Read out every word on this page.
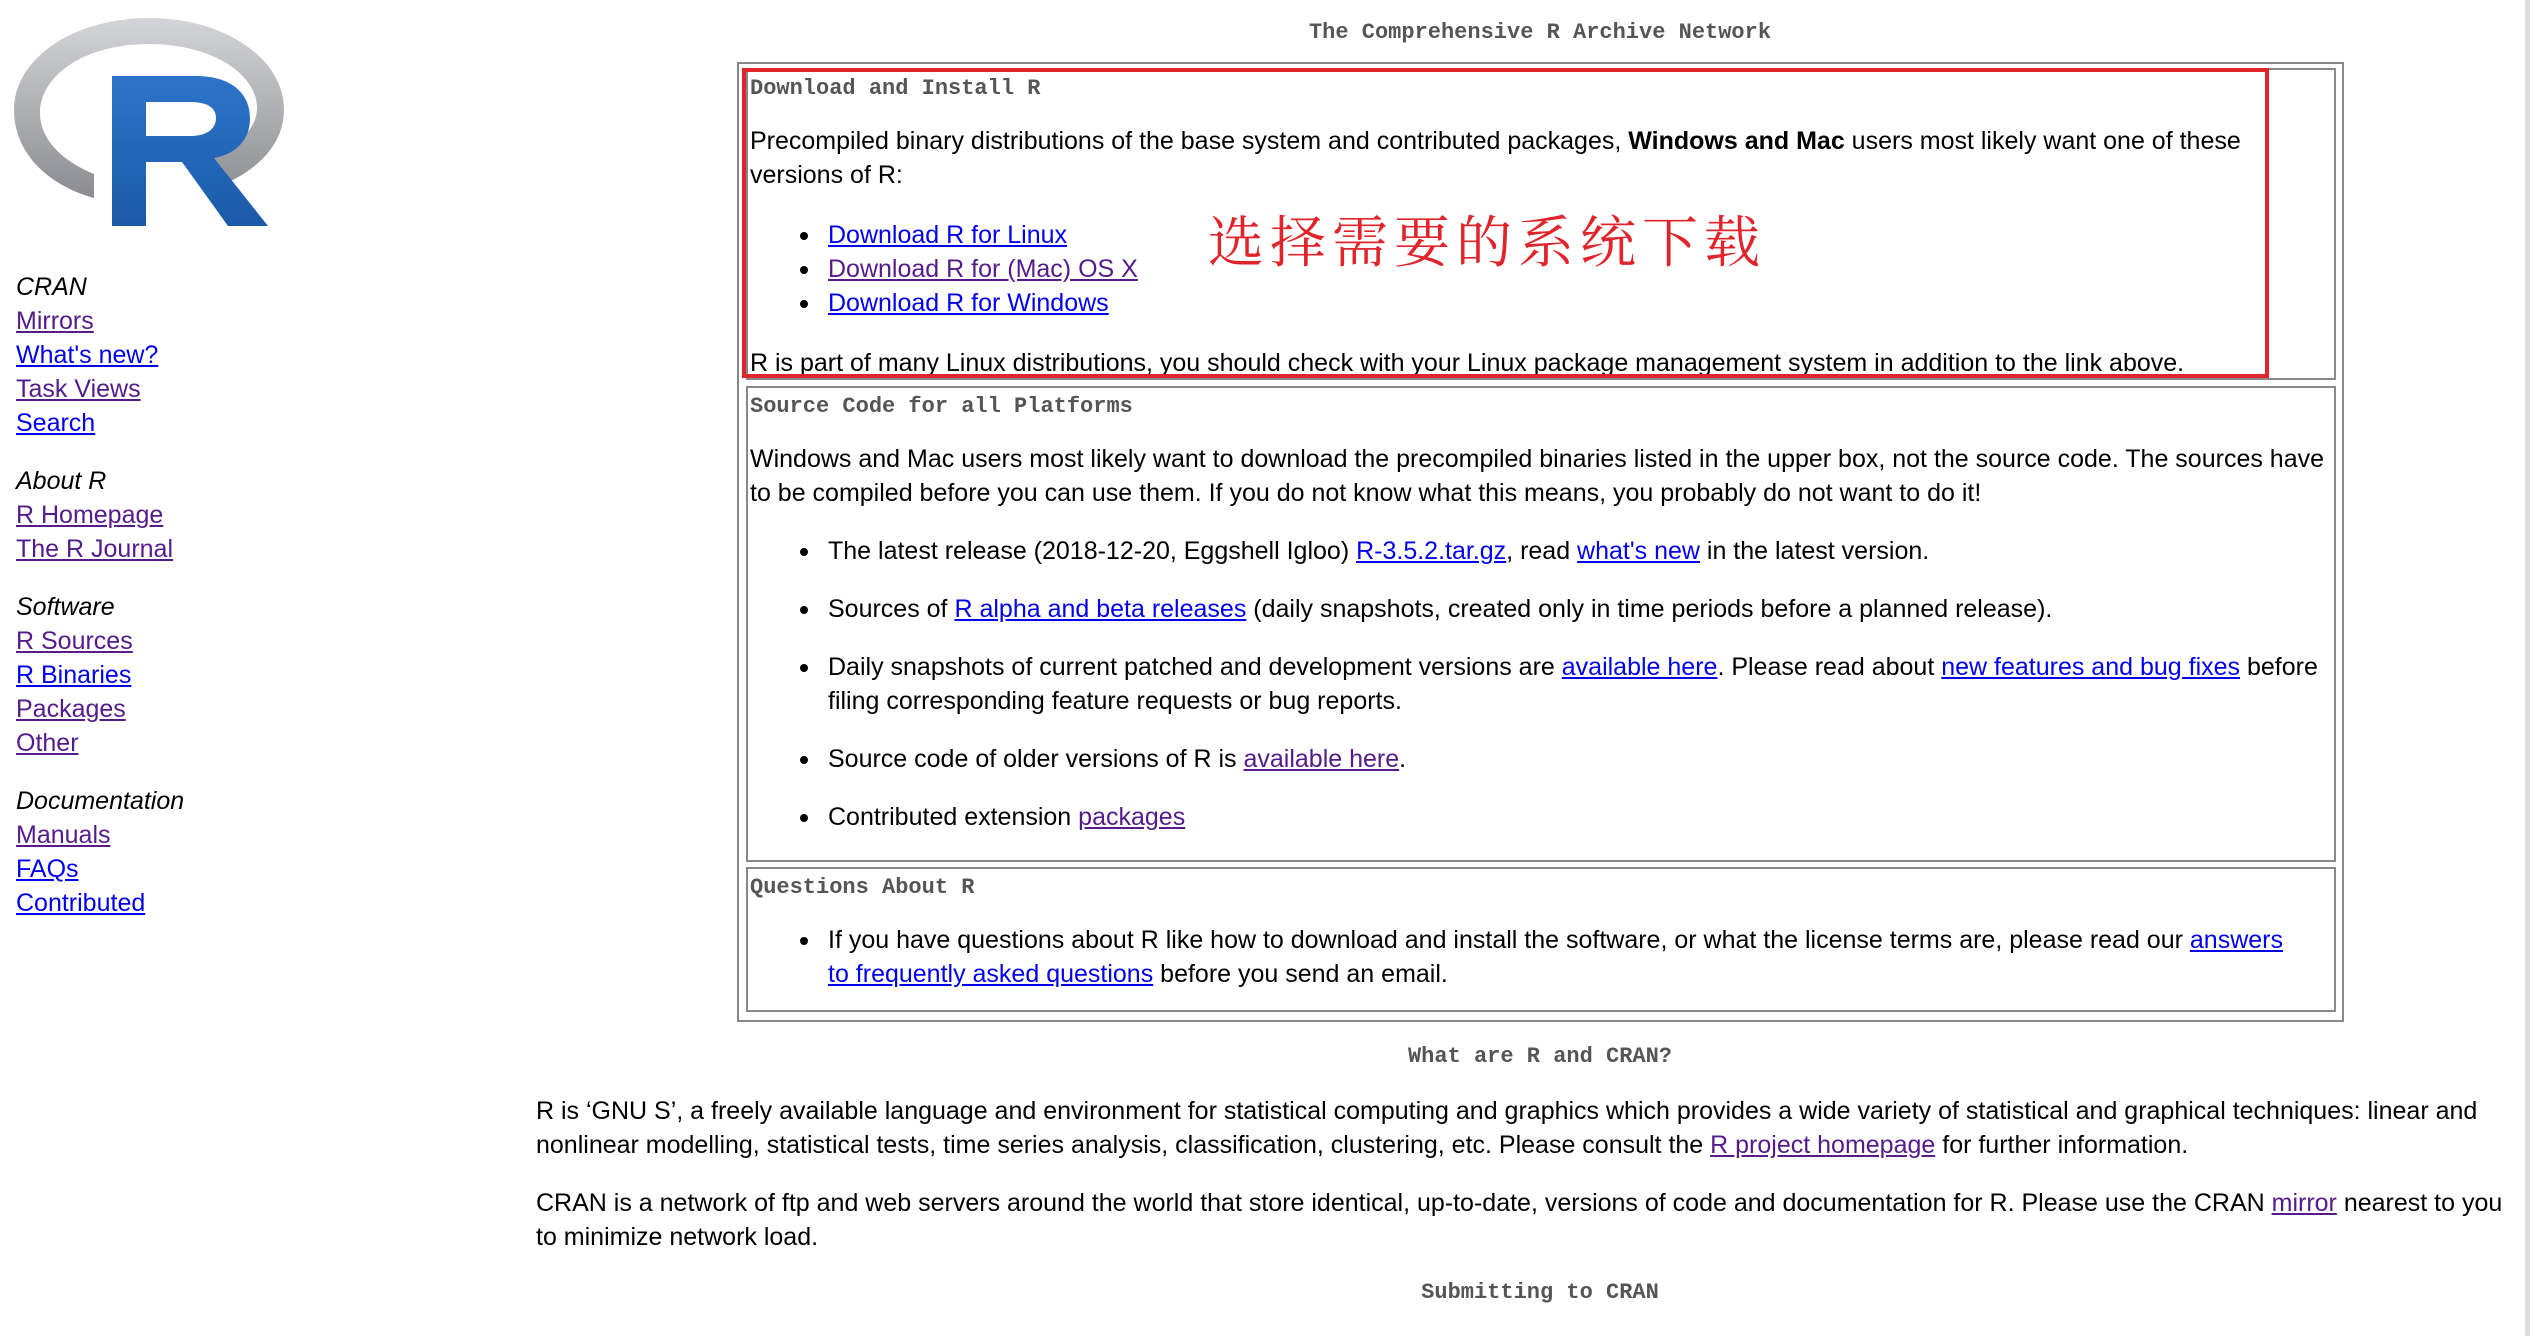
CRAN
Mirrors
What's new?
Task Views
Search
About R
R Homepage
The R Journal
Software
R Sources
R Binaries
Packages
Other
Documentation
Manuals
FAQs
Contributed
The Comprehensive R Archive Network
Download and Install R
Precompiled binary distributions of the base system and contributed packages, Windows and Mac users most likely want one of these versions of R:
Download R for Linux
Download R for (Mac) OS X
Download R for Windows
R is part of many Linux distributions, you should check with your Linux package management system in addition to the link above.
Source Code for all Platforms
Windows and Mac users most likely want to download the precompiled binaries listed in the upper box, not the source code. The sources have to be compiled before you can use them. If you do not know what this means, you probably do not want to do it!
The latest release (2018-12-20, Eggshell Igloo) R-3.5.2.tar.gz, read what's new in the latest version.
Sources of R alpha and beta releases (daily snapshots, created only in time periods before a planned release).
Daily snapshots of current patched and development versions are available here. Please read about new features and bug fixes before filing corresponding feature requests or bug reports.
Source code of older versions of R is available here.
Contributed extension packages
Questions About R
If you have questions about R like how to download and install the software, or what the license terms are, please read our answers to frequently asked questions before you send an email.
选择需要的系统下载
What are R and CRAN?
R is ‘GNU S’, a freely available language and environment for statistical computing and graphics which provides a wide variety of statistical and graphical techniques: linear and nonlinear modelling, statistical tests, time series analysis, classification, clustering, etc. Please consult the R project homepage for further information.
CRAN is a network of ftp and web servers around the world that store identical, up-to-date, versions of code and documentation for R. Please use the CRAN mirror nearest to you to minimize network load.
Submitting to CRAN
